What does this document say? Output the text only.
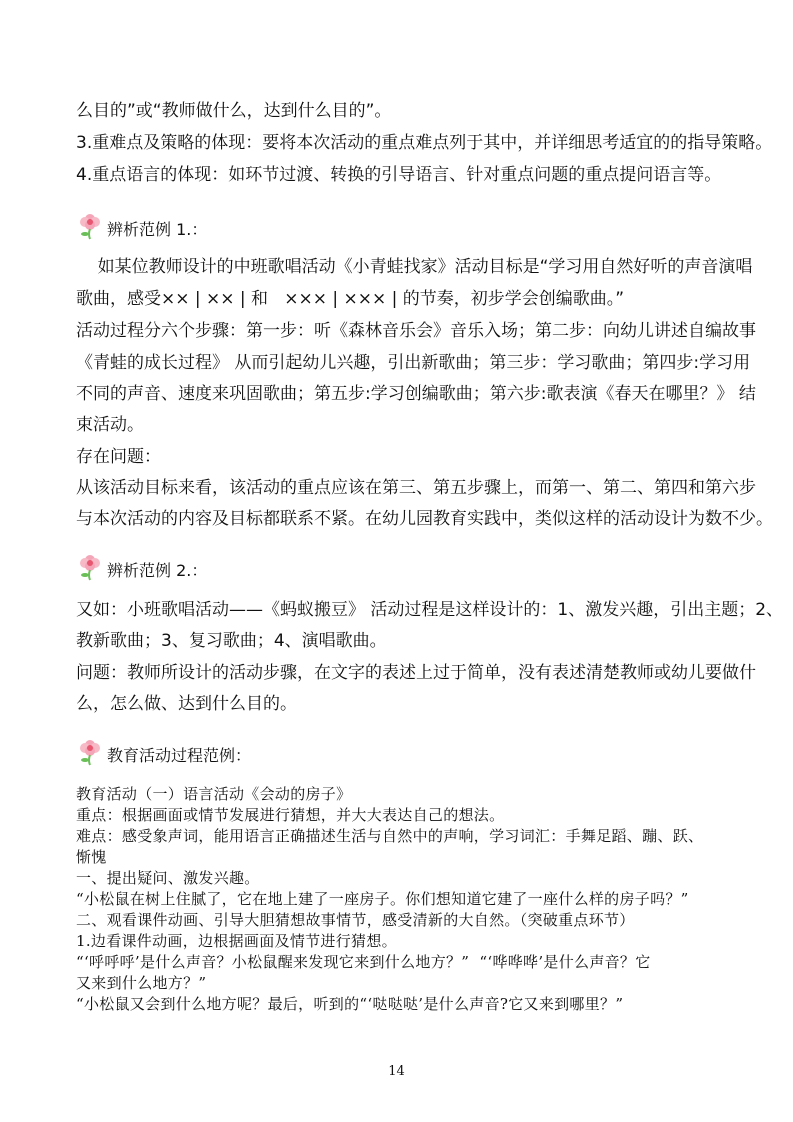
么目的”或“教师做什么，达到什么目的”。
3.重难点及策略的体现：要将本次活动的重点难点列于其中，并详细思考适宜的的指导策略。
4.重点语言的体现：如环节过渡、转换的引导语言、针对重点问题的重点提问语言等。
辨析范例 1.：
如某位教师设计的中班歌唱活动《小青蛙找家》活动目标是“学习用自然好听的声音演唱
歌曲，感受×× | ×× | 和   ××× | ××× | 的节奏，初步学会创编歌曲。”
活动过程分六个步骤：第一步：听《森林音乐会》音乐入场；第二步：向幼儿讲述自编故事
《青蛙的成长过程》 从而引起幼儿兴趣，引出新歌曲；第三步：学习歌曲；第四步:学习用
不同的声音、速度来巩固歌曲；第五步:学习创编歌曲；第六步:歌表演《春天在哪里？》 结
束活动。
存在问题：
从该活动目标来看，该活动的重点应该在第三、第五步骤上，而第一、第二、第四和第六步
与本次活动的内容及目标都联系不紧。在幼儿园教育实践中，类似这样的活动设计为数不少。
辨析范例 2.：
又如：小班歌唱活动——《蚂蚁搬豆》 活动过程是这样设计的：1、激发兴趣，引出主题；2、
教新歌曲；3、复习歌曲；4、演唱歌曲。
问题：教师所设计的活动步骤，在文字的表述上过于简单，没有表述清楚教师或幼儿要做什
么，怎么做、达到什么目的。
教育活动过程范例：
教育活动（一）语言活动《会动的房子》
重点：根据画面或情节发展进行猜想，并大大表达自己的想法。
难点：感受象声词，能用语言正确描述生活与自然中的声响，学习词汇：手舞足蹈、蹦、跃、
惭愧
一、提出疑问、激发兴趣。
“小松鼠在树上住腻了，它在地上建了一座房子。你们想知道它建了一座什么样的房子吗？”
二、观看课件动画、引导大胆猜想故事情节，感受清新的大自然。（突破重点环节）
1.边看课件动画，边根据画面及情节进行猜想。
“‘呼呼呼’是什么声音？小松鼠醒来发现它来到什么地方？”  “‘哗哗哗’是什么声音？它
又来到什么地方？”
“小松鼠又会到什么地方呢？最后，听到的“‘哒哒哒’是什么声音?它又来到哪里？”
14
